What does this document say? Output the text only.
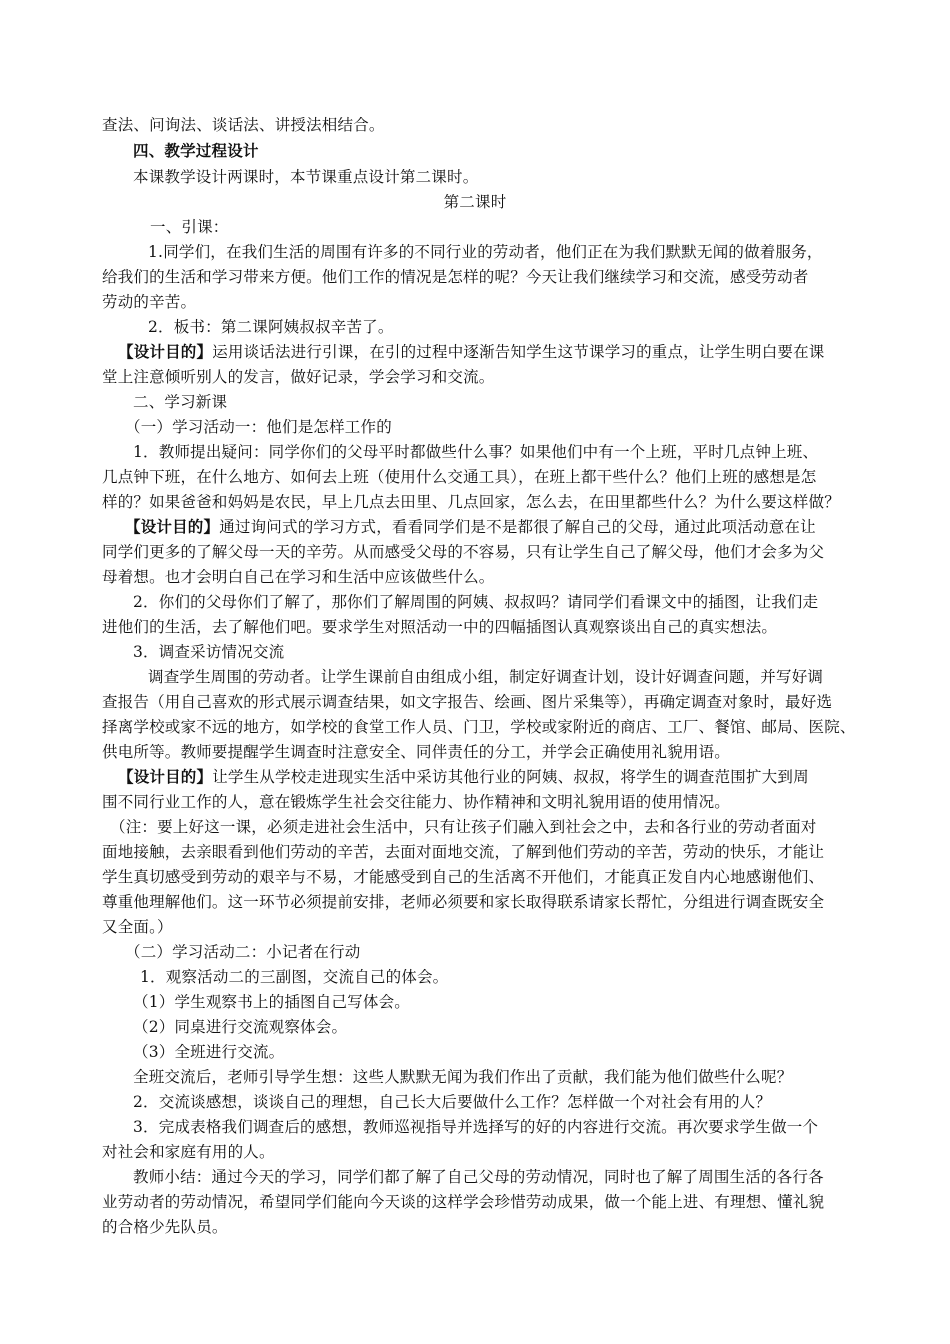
查法、问询法、谈话法、讲授法相结合。
四、教学过程设计
本课教学设计两课时，本节课重点设计第二课时。
第二课时
一、引课：
1.同学们，在我们生活的周围有许多的不同行业的劳动者，他们正在为我们默默无闻的做着服务，
给我们的生活和学习带来方便。他们工作的情况是怎样的呢？今天让我们继续学习和交流，感受劳动者
劳动的辛苦。
2．板书：第二课阿姨叔叔辛苦了。
【设计目的】运用谈话法进行引课，在引的过程中逐渐告知学生这节课学习的重点，让学生明白要在课
堂上注意倾听别人的发言，做好记录，学会学习和交流。
二、学习新课
（一）学习活动一：他们是怎样工作的
1．教师提出疑问：同学你们的父母平时都做些什么事？如果他们中有一个上班，平时几点钟上班、
几点钟下班，在什么地方、如何去上班（使用什么交通工具），在班上都干些什么？他们上班的感想是怎
样的？如果爸爸和妈妈是农民，早上几点去田里、几点回家，怎么去，在田里都些什么？为什么要这样做？
【设计目的】通过询问式的学习方式，看看同学们是不是都很了解自己的父母，通过此项活动意在让
同学们更多的了解父母一天的辛劳。从而感受父母的不容易，只有让学生自己了解父母，他们才会多为父
母着想。也才会明白自己在学习和生活中应该做些什么。
2．你们的父母你们了解了，那你们了解周围的阿姨、叔叔吗？请同学们看课文中的插图，让我们走
进他们的生活，去了解他们吧。要求学生对照活动一中的四幅插图认真观察谈出自己的真实想法。
3．调查采访情况交流
调查学生周围的劳动者。让学生课前自由组成小组，制定好调查计划，设计好调查问题，并写好调
查报告（用自己喜欢的形式展示调查结果，如文字报告、绘画、图片采集等），再确定调查对象时，最好选
择离学校或家不远的地方，如学校的食堂工作人员、门卫，学校或家附近的商店、工厂、餐馆、邮局、医院、
供电所等。教师要提醒学生调查时注意安全、同伴责任的分工，并学会正确使用礼貌用语。
【设计目的】让学生从学校走进现实生活中采访其他行业的阿姨、叔叔，将学生的调查范围扩大到周
围不同行业工作的人，意在锻炼学生社会交往能力、协作精神和文明礼貌用语的使用情况。
（注：要上好这一课，必须走进社会生活中，只有让孩子们融入到社会之中，去和各行业的劳动者面对
面地接触，去亲眼看到他们劳动的辛苦，去面对面地交流，了解到他们劳动的辛苦，劳动的快乐，才能让
学生真切感受到劳动的艰辛与不易，才能感受到自己的生活离不开他们，才能真正发自内心地感谢他们、
尊重他理解他们。这一环节必须提前安排，老师必须要和家长取得联系请家长帮忙，分组进行调查既安全
又全面。）
（二）学习活动二：小记者在行动
1．观察活动二的三副图，交流自己的体会。
（1）学生观察书上的插图自己写体会。
（2）同桌进行交流观察体会。
（3）全班进行交流。
全班交流后，老师引导学生想：这些人默默无闻为我们作出了贡献，我们能为他们做些什么呢？
2．交流谈感想，谈谈自己的理想，自己长大后要做什么工作？怎样做一个对社会有用的人？
3．完成表格我们调查后的感想，教师巡视指导并选择写的好的内容进行交流。再次要求学生做一个
对社会和家庭有用的人。
教师小结：通过今天的学习，同学们都了解了自己父母的劳动情况，同时也了解了周围生活的各行各
业劳动者的劳动情况，希望同学们能向今天谈的这样学会珍惜劳动成果，做一个能上进、有理想、懂礼貌
的合格少先队员。
